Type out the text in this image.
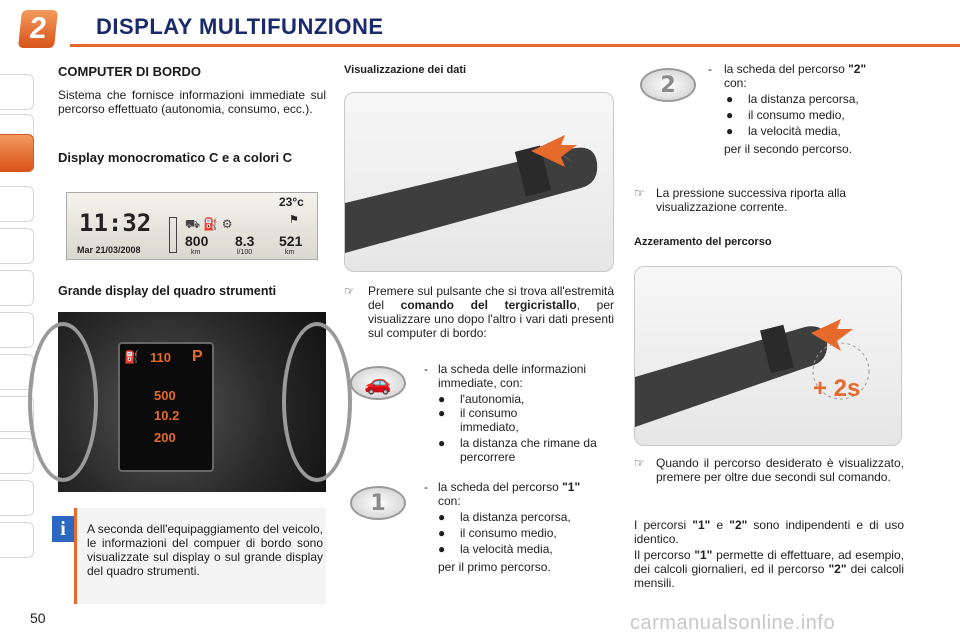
2 DISPLAY MULTIFUNZIONE
COMPUTER DI BORDO
Sistema che fornisce informazioni immediate sul percorso effettuato (autonomia, consumo, ecc.).
Display monocromatico C e a colori C
11:32
Mar 21/03/2008
⛟ ⛽ ⚙
23°c
⚑
800
km
8.3
l/100
521
km
Grande display del quadro strumenti
110 P
⛽
500
10.2
200
A seconda dell'equipaggiamento del veicolo, le informazioni del compuer di bordo sono visualizzate sul display o sul grande display del quadro strumenti.
i
Visualizzazione dei dati
☞ Premere sul pulsante che si trova all'estremità del comando del tergicristallo, per visualizzare uno dopo l'altro i vari dati presenti sul computer di bordo:
🚗
- la scheda delle informazioni immediate, con:
● l'autonomia,
● il consumo immediato,
● la distanza che rimane da percorrere
1
- la scheda del percorso "1"
con:
● la distanza percorsa,
● il consumo medio,
● la velocità media,
per il primo percorso.
2
- la scheda del percorso "2"
con:
● la distanza percorsa,
● il consumo medio,
● la velocità media,
per il secondo percorso.
☞ La pressione successiva riporta alla visualizzazione corrente.
Azzeramento del percorso
+ 2s
☞ Quando il percorso desiderato è visualizzato, premere per oltre due secondi sul comando.
I percorsi "1" e "2" sono indipendenti e di uso identico.
Il percorso "1" permette di effettuare, ad esempio, dei calcoli giornalieri, ed il percorso "2" dei calcoli mensili.
50	carmanualsonline.info
